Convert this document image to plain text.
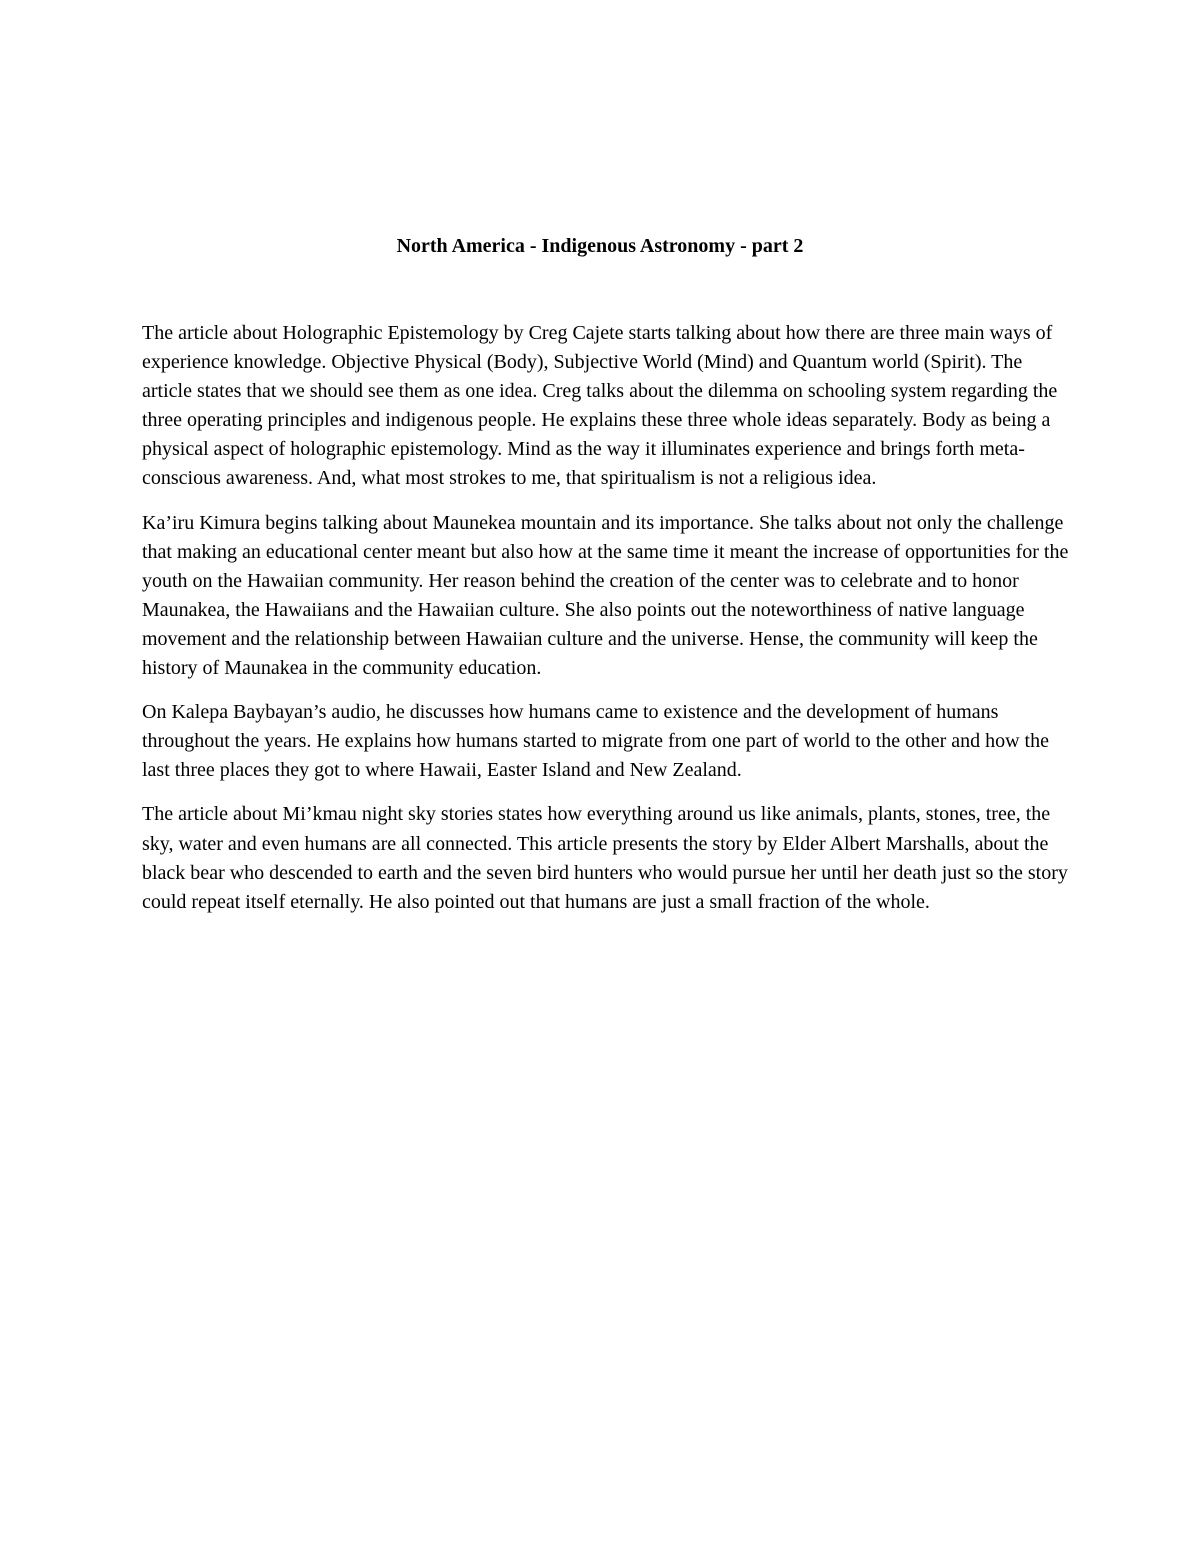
North America - Indigenous Astronomy - part 2

The article about Holographic Epistemology by Creg Cajete starts talking about how there are three main ways of experience knowledge. Objective Physical (Body), Subjective World (Mind) and Quantum world (Spirit). The article states that we should see them as one idea. Creg talks about the dilemma on schooling system regarding the three operating principles and indigenous people. He explains these three whole ideas separately. Body as being a physical aspect of holographic epistemology. Mind as the way it illuminates experience and brings forth meta-conscious awareness. And, what most strokes to me, that spiritualism is not a religious idea.

Ka’iru Kimura begins talking about Maunekea mountain and its importance. She talks about not only the challenge that making an educational center meant but also how at the same time it meant the increase of opportunities for the youth on the Hawaiian community. Her reason behind the creation of the center was to celebrate and to honor Maunakea, the Hawaiians and the Hawaiian culture. She also points out the noteworthiness of native language movement and the relationship between Hawaiian culture and the universe. Hense, the community will keep the history of Maunakea in the community education.

On Kalepa Baybayan’s audio, he discusses how humans came to existence and the development of humans throughout the years. He explains how humans started to migrate from one part of world to the other and how the last three places they got to where Hawaii, Easter Island and New Zealand.

The article about Mi’kmau night sky stories states how everything around us like animals, plants, stones, tree, the sky, water and even humans are all connected. This article presents the story by Elder Albert Marshalls, about the black bear who descended to earth and the seven bird hunters who would pursue her until her death just so the story could repeat itself eternally. He also pointed out that humans are just a small fraction of the whole.
